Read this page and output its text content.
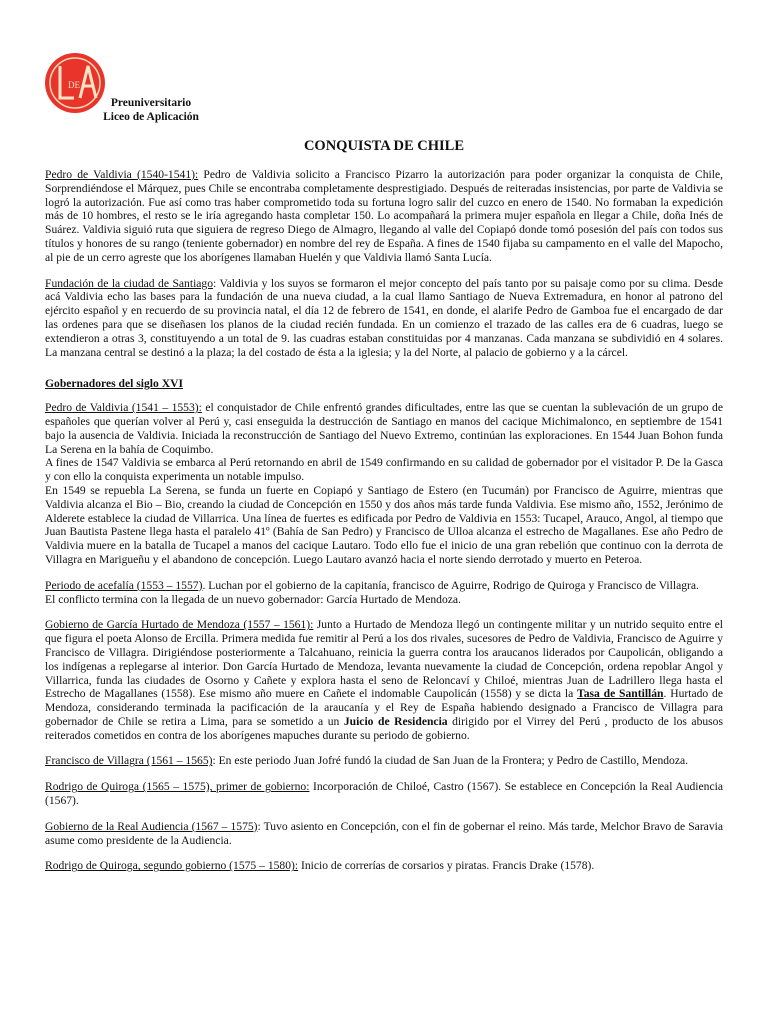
DE
Preuniversitario
Liceo de Aplicación
CONQUISTA DE CHILE

Pedro de Valdivia (1540-1541): Pedro de Valdivia solicito a Francisco Pizarro la autorización para poder organizar la conquista de Chile, Sorprendiéndose el Márquez, pues Chile se encontraba completamente desprestigiado. Después de reiteradas insistencias, por parte de Valdivia se logró la autorización. Fue así como tras haber comprometido toda su fortuna logro salir del cuzco en enero de 1540. No formaban la expedición más de 10 hombres, el resto se le iría agregando hasta completar 150. Lo acompañará la primera mujer española en llegar a Chile, doña Inés de Suárez. Valdivia siguió ruta que siguiera de regreso Diego de Almagro, llegando al valle del Copiapó donde tomó posesión del país con todos sus títulos y honores de su rango (teniente gobernador) en nombre del rey de España. A fines de 1540 fijaba su campamento en el valle del Mapocho, al pie de un cerro agreste que los aborígenes llamaban Huelén y que Valdivia llamó Santa Lucía.

Fundación de la ciudad de Santiago: Valdivia y los suyos se formaron el mejor concepto del país tanto por su paisaje como por su clima. Desde acá Valdivia echo las bases para la fundación de una nueva ciudad, a la cual llamo Santiago de Nueva Extremadura, en honor al patrono del ejército español y en recuerdo de su provincia natal, el día 12 de febrero de 1541, en donde, el alarife Pedro de Gamboa fue el encargado de dar las ordenes para que se diseñasen los planos de la ciudad recién fundada. En un comienzo el trazado de las calles era de 6 cuadras, luego se extendieron a otras 3, constituyendo a un total de 9. las cuadras estaban constituidas por 4 manzanas. Cada manzana se subdividió en 4 solares. La manzana central se destinó a la plaza; la del costado de ésta a la iglesia; y la del Norte, al palacio de gobierno y a la cárcel.

Gobernadores del siglo XVI

Pedro de Valdivia (1541 – 1553): el conquistador de Chile enfrentó grandes dificultades, entre las que se cuentan la sublevación de un grupo de españoles que querían volver al Perú y, casi enseguida la destrucción de Santiago en manos del cacique Michimalonco, en septiembre de 1541 bajo la ausencia de Valdivia. Iniciada la reconstrucción de Santiago del Nuevo Extremo, continúan las exploraciones. En 1544 Juan Bohon funda La Serena en la bahía de Coquimbo.
A fines de 1547 Valdivia se embarca al Perú retornando en abril de 1549 confirmando en su calidad de gobernador por el visitador P. De la Gasca y con ello la conquista experimenta un notable impulso.
En 1549 se repuebla La Serena, se funda un fuerte en Copiapó y Santiago de Estero (en Tucumán) por Francisco de Aguirre, mientras que Valdivia alcanza el Bio – Bio, creando la ciudad de Concepción en 1550 y dos años más tarde funda Valdivia. Ese mismo año, 1552, Jerónimo de Alderete establece la ciudad de Villarrica. Una línea de fuertes es edificada por Pedro de Valdivia en 1553: Tucapel, Arauco, Angol, al tiempo que Juan Bautista Pastene llega hasta el paralelo 41º (Bahía de San Pedro) y Francisco de Ulloa alcanza el estrecho de Magallanes. Ese año Pedro de Valdivia muere en la batalla de Tucapel a manos del cacique Lautaro. Todo ello fue el inicio de una gran rebelión que continuo con la derrota de Villagra en Marigueñu y el abandono de concepción. Luego Lautaro avanzó hacia el norte siendo derrotado y muerto en Peteroa.

Periodo de acefalía (1553 – 1557). Luchan por el gobierno de la capitanía, francisco de Aguirre, Rodrigo de Quiroga y Francisco de Villagra.
El conflicto termina con la llegada de un nuevo gobernador: García Hurtado de Mendoza.

Gobierno de García Hurtado de Mendoza (1557 – 1561): Junto a Hurtado de Mendoza llegó un contingente militar y un nutrido sequito entre el que figura el poeta Alonso de Ercilla. Primera medida fue remitir al Perú a los dos rivales, sucesores de Pedro de Valdivia, Francisco de Aguirre y Francisco de Villagra. Dirigiéndose posteriormente a Talcahuano, reinicia la guerra contra los araucanos liderados por Caupolicán, obligando a los indígenas a replegarse al interior. Don García Hurtado de Mendoza, levanta nuevamente la ciudad de Concepción, ordena repoblar Angol y Villarrica, funda las ciudades de Osorno y Cañete y explora hasta el seno de Reloncaví y Chiloé, mientras Juan de Ladrillero llega hasta el Estrecho de Magallanes (1558). Ese mismo año muere en Cañete el indomable Caupolicán (1558) y se dicta la Tasa de Santillán. Hurtado de Mendoza, considerando terminada la pacificación de la araucanía y el Rey de España habiendo designado a Francisco de Villagra para gobernador de Chile se retira a Lima, para se sometido a un Juicio de Residencia dirigido por el Virrey del Perú , producto de los abusos reiterados cometidos en contra de los aborígenes mapuches durante su periodo de gobierno.

Francisco de Villagra (1561 – 1565): En este periodo Juan Jofré fundó la ciudad de San Juan de la Frontera; y Pedro de Castillo, Mendoza.

Rodrigo de Quiroga (1565 – 1575), primer de gobierno: Incorporación de Chiloé, Castro (1567). Se establece en Concepción la Real Audiencia (1567).

Gobierno de la Real Audiencia (1567 – 1575): Tuvo asiento en Concepción, con el fin de gobernar el reino. Más tarde, Melchor Bravo de Saravia asume como presidente de la Audiencia.

Rodrigo de Quiroga, segundo gobierno (1575 – 1580): Inicio de correrías de corsarios y piratas. Francis Drake (1578).
